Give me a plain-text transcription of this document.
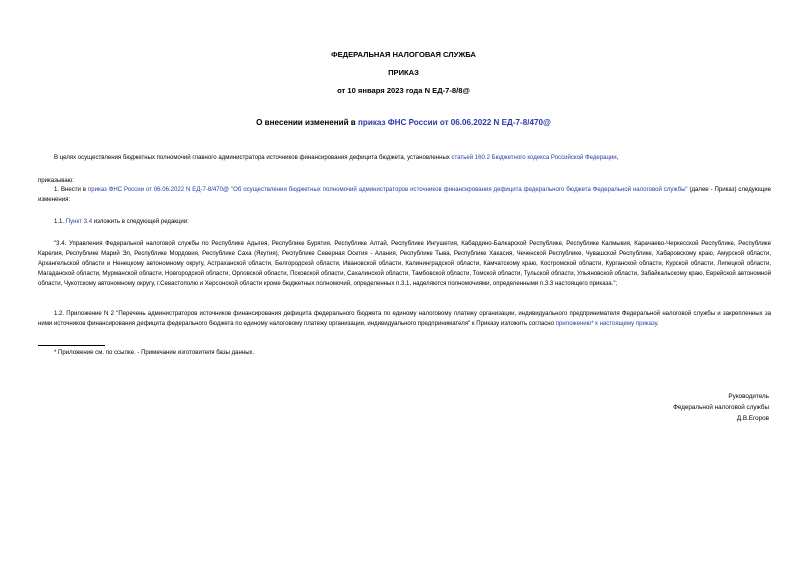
ФЕДЕРАЛЬНАЯ НАЛОГОВАЯ СЛУЖБА
ПРИКАЗ
от 10 января 2023 года N ЕД-7-8/8@
О внесении изменений в приказ ФНС России от 06.06.2022 N ЕД-7-8/470@
В целях осуществления бюджетных полномочий главного администратора источников финансирования дефицита бюджета, установленных статьей 160.2 Бюджетного кодекса Российской Федерации,
приказываю:
1. Внести в приказ ФНС России от 06.06.2022 N ЕД-7-8/470@ "Об осуществлении бюджетных полномочий администраторов источников финансирования дефицита федерального бюджета Федеральной налоговой службы" (далее - Приказ) следующие изменения:
1.1. Пункт 3.4 изложить в следующей редакции:
"3.4. Управления Федеральной налоговой службы по Республике Адыгея, Республике Бурятия, Республике Алтай, Республике Ингушетия, Кабардино-Балкарской Республике, Республике Калмыкия, Карачаево-Черкесской Республике, Республике Карелия, Республике Марий Эл, Республике Мордовия, Республике Саха (Якутия), Республике Северная Осетия - Алания, Республике Тыва, Республике Хакасия, Чеченской Республике, Чувашской Республике, Хабаровскому краю, Амурской области, Архангельской области и Ненецкому автономному округу, Астраханской области, Белгородской области, Ивановской области, Калининградской области, Камчатскому краю, Костромской области, Курганской области, Курской области, Липецкой области, Магаданской области, Мурманской области, Новгородской области, Орловской области, Псковской области, Сахалинской области, Тамбовской области, Томской области, Тульской области, Ульяновской области, Забайкальскому краю, Еврейской автономной области, Чукотскому автономному округу, г.Севастополю и Херсонской области кроме бюджетных полномочий, определенных п.3.1, наделяются полномочиями, определенными п.3.3 настоящего приказа.";
1.2. Приложение N 2 "Перечень администраторов источников финансирования дефицита федерального бюджета по единому налоговому платежу организации, индивидуального предпринимателя Федеральной налоговой службы и закрепленных за ними источников финансирования дефицита федерального бюджета по единому налоговому платежу организации, индивидуального предпринимателя" к Приказу изложить согласно приложению* к настоящему приказу.
* Приложение см. по ссылке. - Примечание изготовителя базы данных.
Руководитель
Федеральной налоговой службы
Д.В.Егоров
